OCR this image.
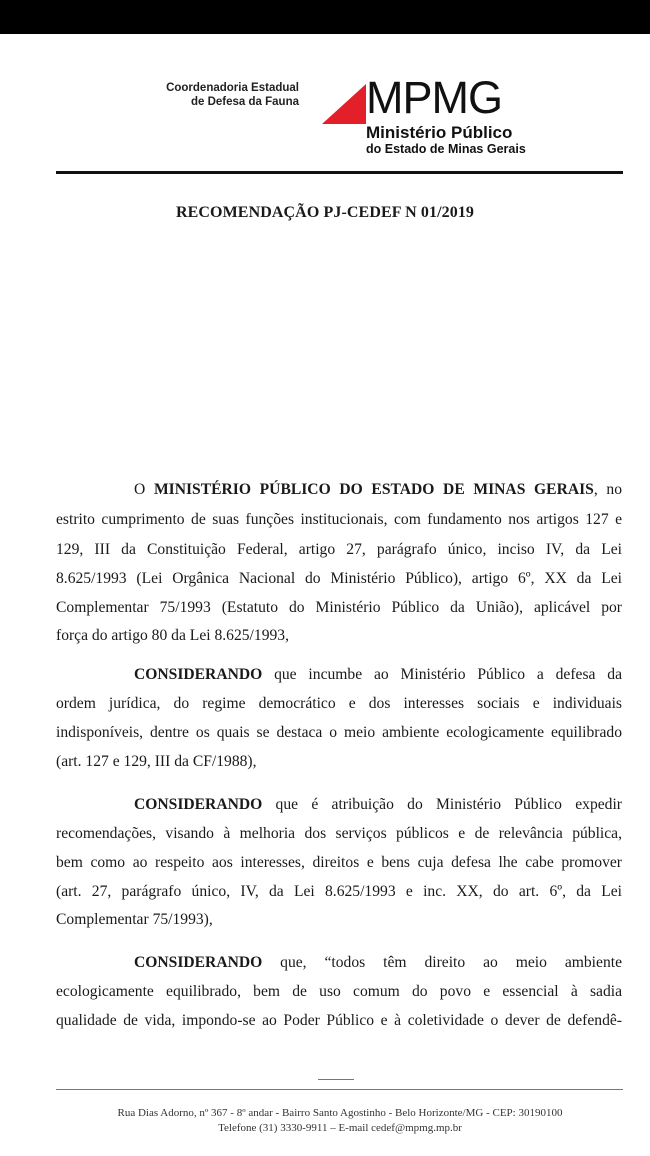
Coordenadoria Estadual
de Defesa da Fauna MPMG
Ministério Público
do Estado de Minas Gerais
RECOMENDAÇÃO PJ-CEDEF N 01/2019
O MINISTÉRIO PÚBLICO DO ESTADO DE MINAS GERAIS, no
estrito cumprimento de suas funções institucionais, com fundamento nos artigos 127 e
129, III da Constituição Federal, artigo 27, parágrafo único, inciso IV, da Lei
8.625/1993 (Lei Orgânica Nacional do Ministério Público), artigo 6º, XX da Lei
Complementar 75/1993 (Estatuto do Ministério Público da União), aplicável por
força do artigo 80 da Lei 8.625/1993,
CONSIDERANDO que incumbe ao Ministério Público a defesa da
ordem jurídica, do regime democrático e dos interesses sociais e individuais
indisponíveis, dentre os quais se destaca o meio ambiente ecologicamente equilibrado
(art. 127 e 129, III da CF/1988),
CONSIDERANDO que é atribuição do Ministério Público expedir
recomendações, visando à melhoria dos serviços públicos e de relevância pública,
bem como ao respeito aos interesses, direitos e bens cuja defesa lhe cabe promover
(art. 27, parágrafo único, IV, da Lei 8.625/1993 e inc. XX, do art. 6º, da Lei
Complementar 75/1993),
CONSIDERANDO que, “todos têm direito ao meio ambiente
ecologicamente equilibrado, bem de uso comum do povo e essencial à sadia
qualidade de vida, impondo-se ao Poder Público e à coletividade o dever de defendê-
Rua Dias Adorno, nº 367 - 8º andar - Bairro Santo Agostinho - Belo Horizonte/MG - CEP: 30190100
Telefone (31) 3330-9911 – E-mail cedef@mpmg.mp.br
